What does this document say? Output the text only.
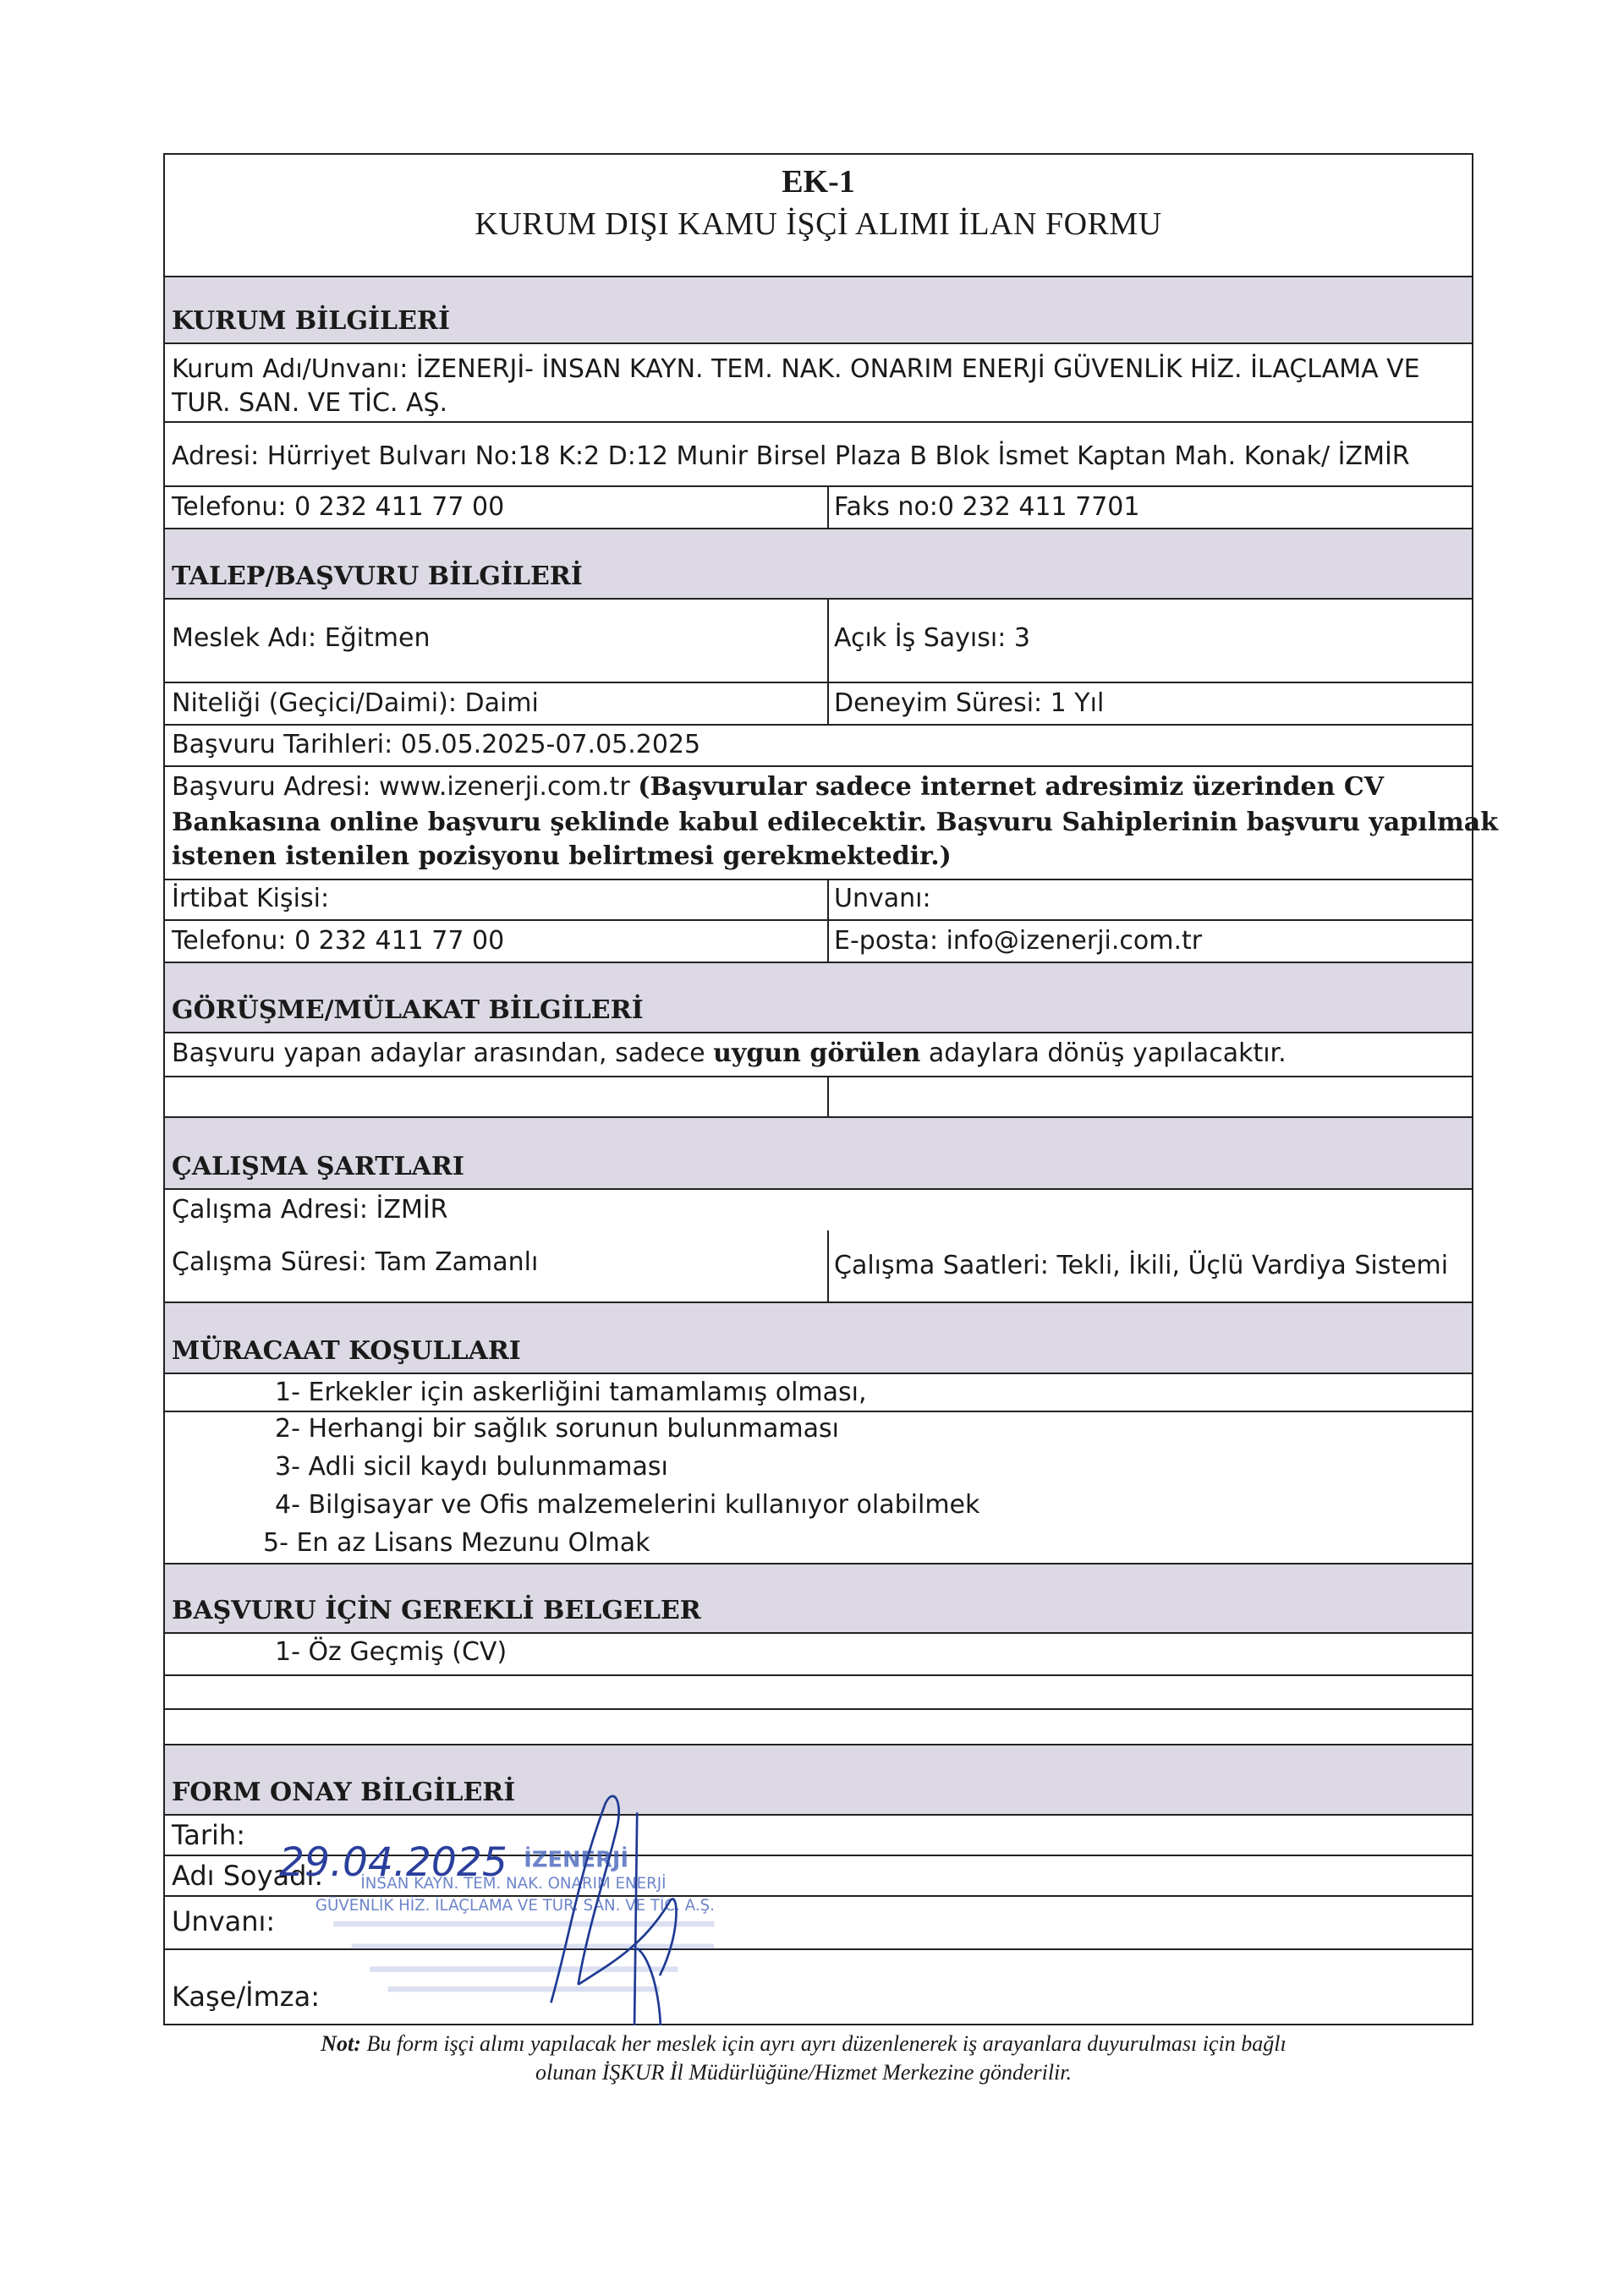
EK-1
KURUM DIŞI KAMU İŞÇİ ALIMI İLAN FORMU
KURUM BİLGİLERİ
Kurum Adı/Unvanı: İZENERJİ- İNSAN KAYN. TEM. NAK. ONARIM ENERJİ GÜVENLİK HİZ. İLAÇLAMA VE
TUR. SAN. VE TİC. AŞ.
Adresi: Hürriyet Bulvarı No:18 K:2 D:12 Munir Birsel Plaza B Blok İsmet Kaptan Mah. Konak/ İZMİR
Telefonu: 0 232 411 77 00	Faks no:0 232 411 7701
TALEP/BAŞVURU BİLGİLERİ
Meslek Adı: Eğitmen	Açık İş Sayısı: 3
Niteliği (Geçici/Daimi): Daimi	Deneyim Süresi: 1 Yıl
Başvuru Tarihleri: 05.05.2025-07.05.2025
Başvuru Adresi: www.izenerji.com.tr (Başvurular sadece internet adresimiz üzerinden CV
Bankasına online başvuru şeklinde kabul edilecektir. Başvuru Sahiplerinin başvuru yapılmak
istenen istenilen pozisyonu belirtmesi gerekmektedir.)
İrtibat Kişisi:	Unvanı:
Telefonu: 0 232 411 77 00	E-posta: info@izenerji.com.tr
GÖRÜŞME/MÜLAKAT BİLGİLERİ
Başvuru yapan adaylar arasından, sadece uygun görülen adaylara dönüş yapılacaktır.
ÇALIŞMA ŞARTLARI
Çalışma Adresi: İZMİR
Çalışma Süresi: Tam Zamanlı	Çalışma Saatleri: Tekli, İkili, Üçlü Vardiya Sistemi
MÜRACAAT KOŞULLARI
1- Erkekler için askerliğini tamamlamış olması,
2- Herhangi bir sağlık sorunun bulunmaması
3- Adli sicil kaydı bulunmaması
4- Bilgisayar ve Ofis malzemelerini kullanıyor olabilmek
5- En az Lisans Mezunu Olmak
BAŞVURU İÇİN GEREKLİ BELGELER
1- Öz Geçmiş (CV)
FORM ONAY BİLGİLERİ
Tarih:
Adı Soyadı:
Unvanı:
Kaşe/İmza:
İZENERJİ
İNSAN KAYN. TEM. NAK. ONARIM ENERJİ
GÜVENLİK HİZ. İLAÇLAMA VE TUR. SAN. VE TİC. A.Ş.
29.04.2025
Not: Bu form işçi alımı yapılacak her meslek için ayrı ayrı düzenlenerek iş arayanlara duyurulması için bağlı
olunan İŞKUR İl Müdürlüğüne/Hizmet Merkezine gönderilir.
